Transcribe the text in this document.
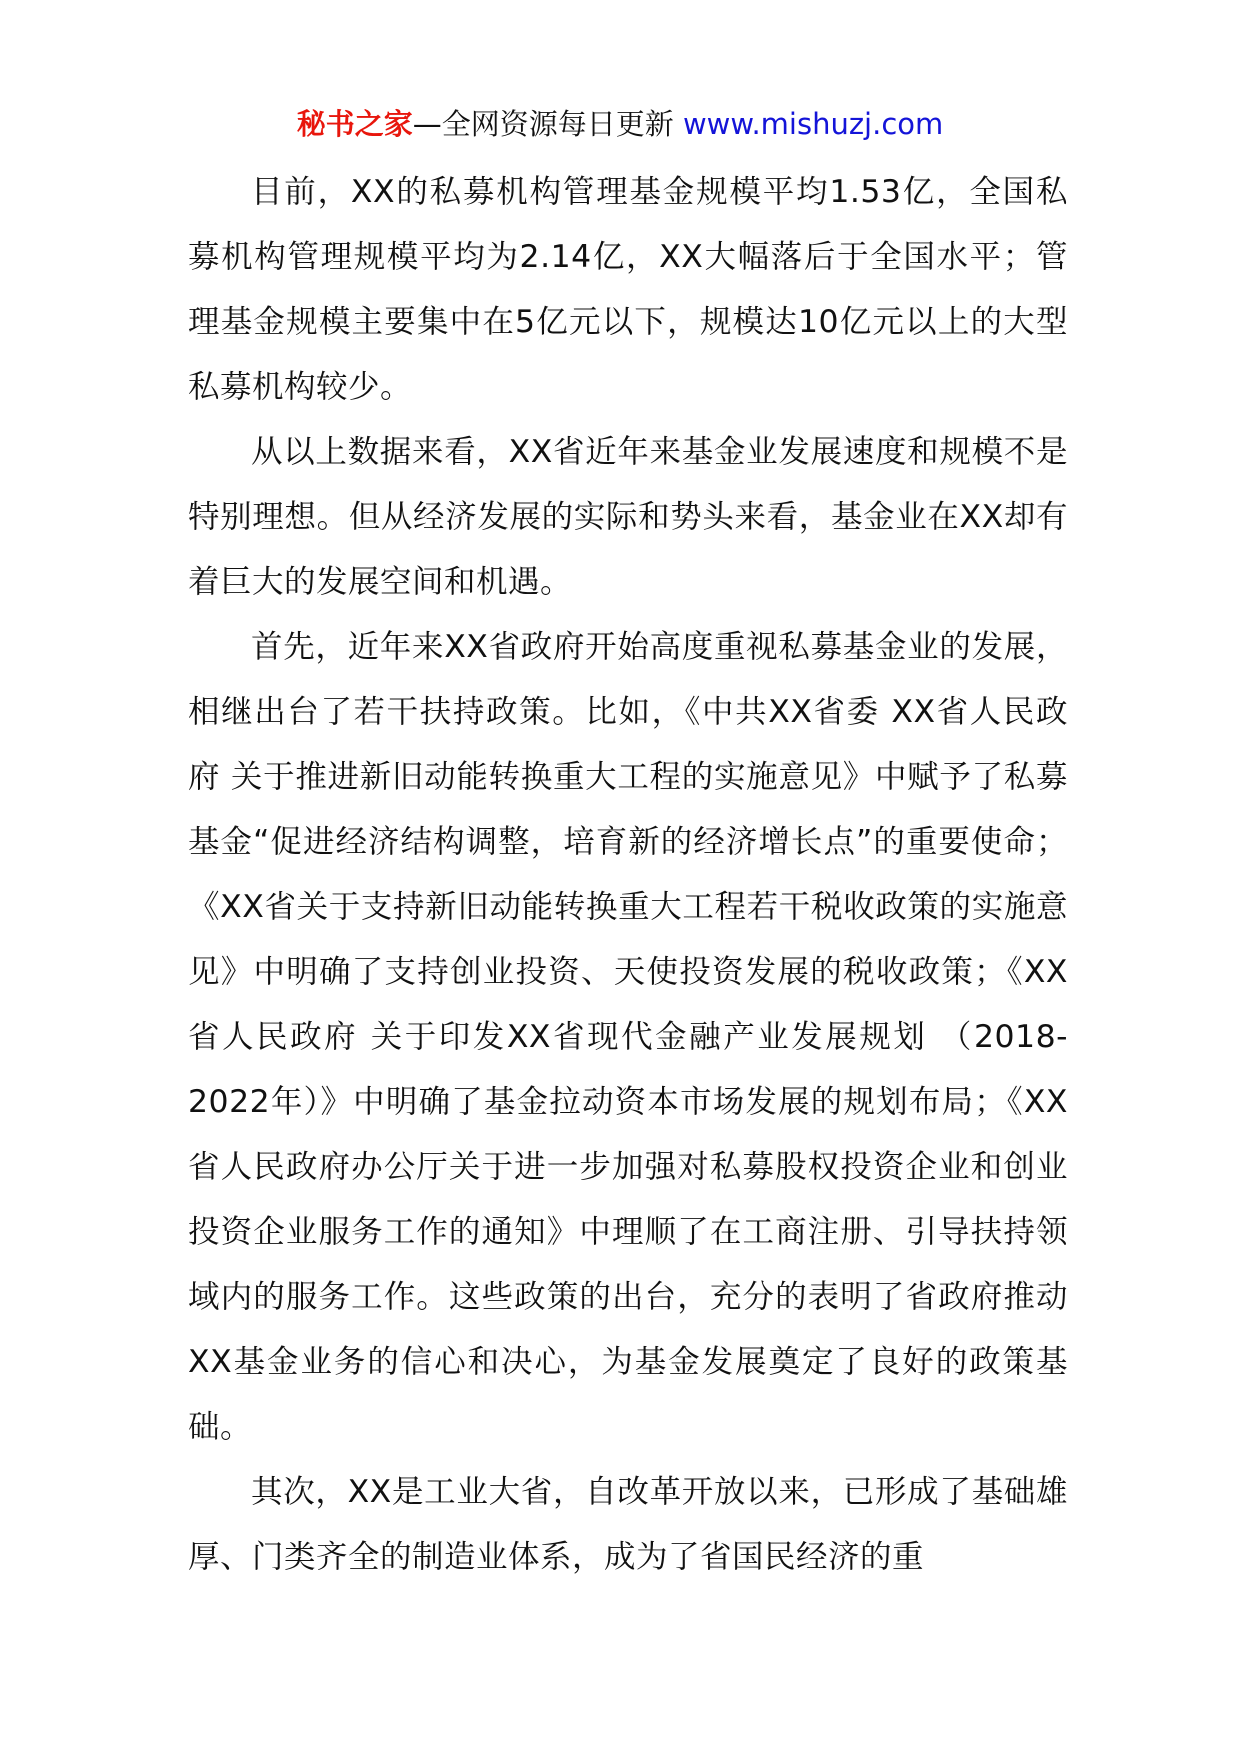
秘书之家—全网资源每日更新 www.mishuzj.com

目前，XX的私募机构管理基金规模平均1.53亿，全国私募机构管理规模平均为2.14亿，XX大幅落后于全国水平；管理基金规模主要集中在5亿元以下，规模达10亿元以上的大型私募机构较少。

从以上数据来看，XX省近年来基金业发展速度和规模不是特别理想。但从经济发展的实际和势头来看，基金业在XX却有着巨大的发展空间和机遇。

首先，近年来XX省政府开始高度重视私募基金业的发展，相继出台了若干扶持政策。比如，《中共XX省委 XX省人民政府 关于推进新旧动能转换重大工程的实施意见》中赋予了私募基金“促进经济结构调整，培育新的经济增长点”的重要使命；《XX省关于支持新旧动能转换重大工程若干税收政策的实施意见》中明确了支持创业投资、天使投资发展的税收政策；《XX省人民政府 关于印发XX省现代金融产业发展规划 （2018-2022年）》中明确了基金拉动资本市场发展的规划布局；《XX省人民政府办公厅关于进一步加强对私募股权投资企业和创业投资企业服务工作的通知》中理顺了在工商注册、引导扶持领域内的服务工作。这些政策的出台，充分的表明了省政府推动XX基金业务的信心和决心，为基金发展奠定了良好的政策基础。

其次，XX是工业大省，自改革开放以来，已形成了基础雄厚、门类齐全的制造业体系，成为了省国民经济的重
